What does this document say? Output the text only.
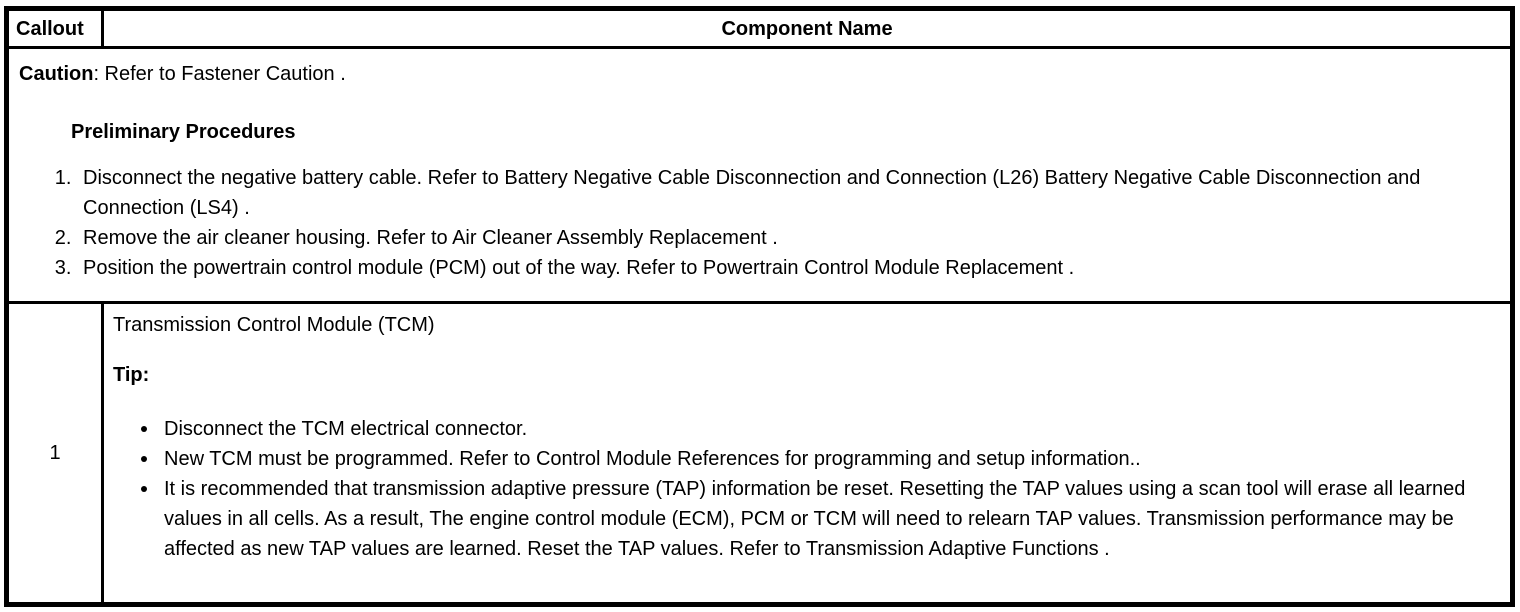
Callout	Component Name

Caution: Refer to Fastener Caution .

Preliminary Procedures

1. Disconnect the negative battery cable. Refer to Battery Negative Cable Disconnection and Connection (L26) Battery Negative Cable Disconnection and Connection (LS4) .
2. Remove the air cleaner housing. Refer to Air Cleaner Assembly Replacement .
3. Position the powertrain control module (PCM) out of the way. Refer to Powertrain Control Module Replacement .
1

Transmission Control Module (TCM)

Tip:

• Disconnect the TCM electrical connector.
• New TCM must be programmed. Refer to Control Module References for programming and setup information..
• It is recommended that transmission adaptive pressure (TAP) information be reset. Resetting the TAP values using a scan tool will erase all learned values in all cells. As a result, The engine control module (ECM), PCM or TCM will need to relearn TAP values. Transmission performance may be affected as new TAP values are learned. Reset the TAP values. Refer to Transmission Adaptive Functions .
